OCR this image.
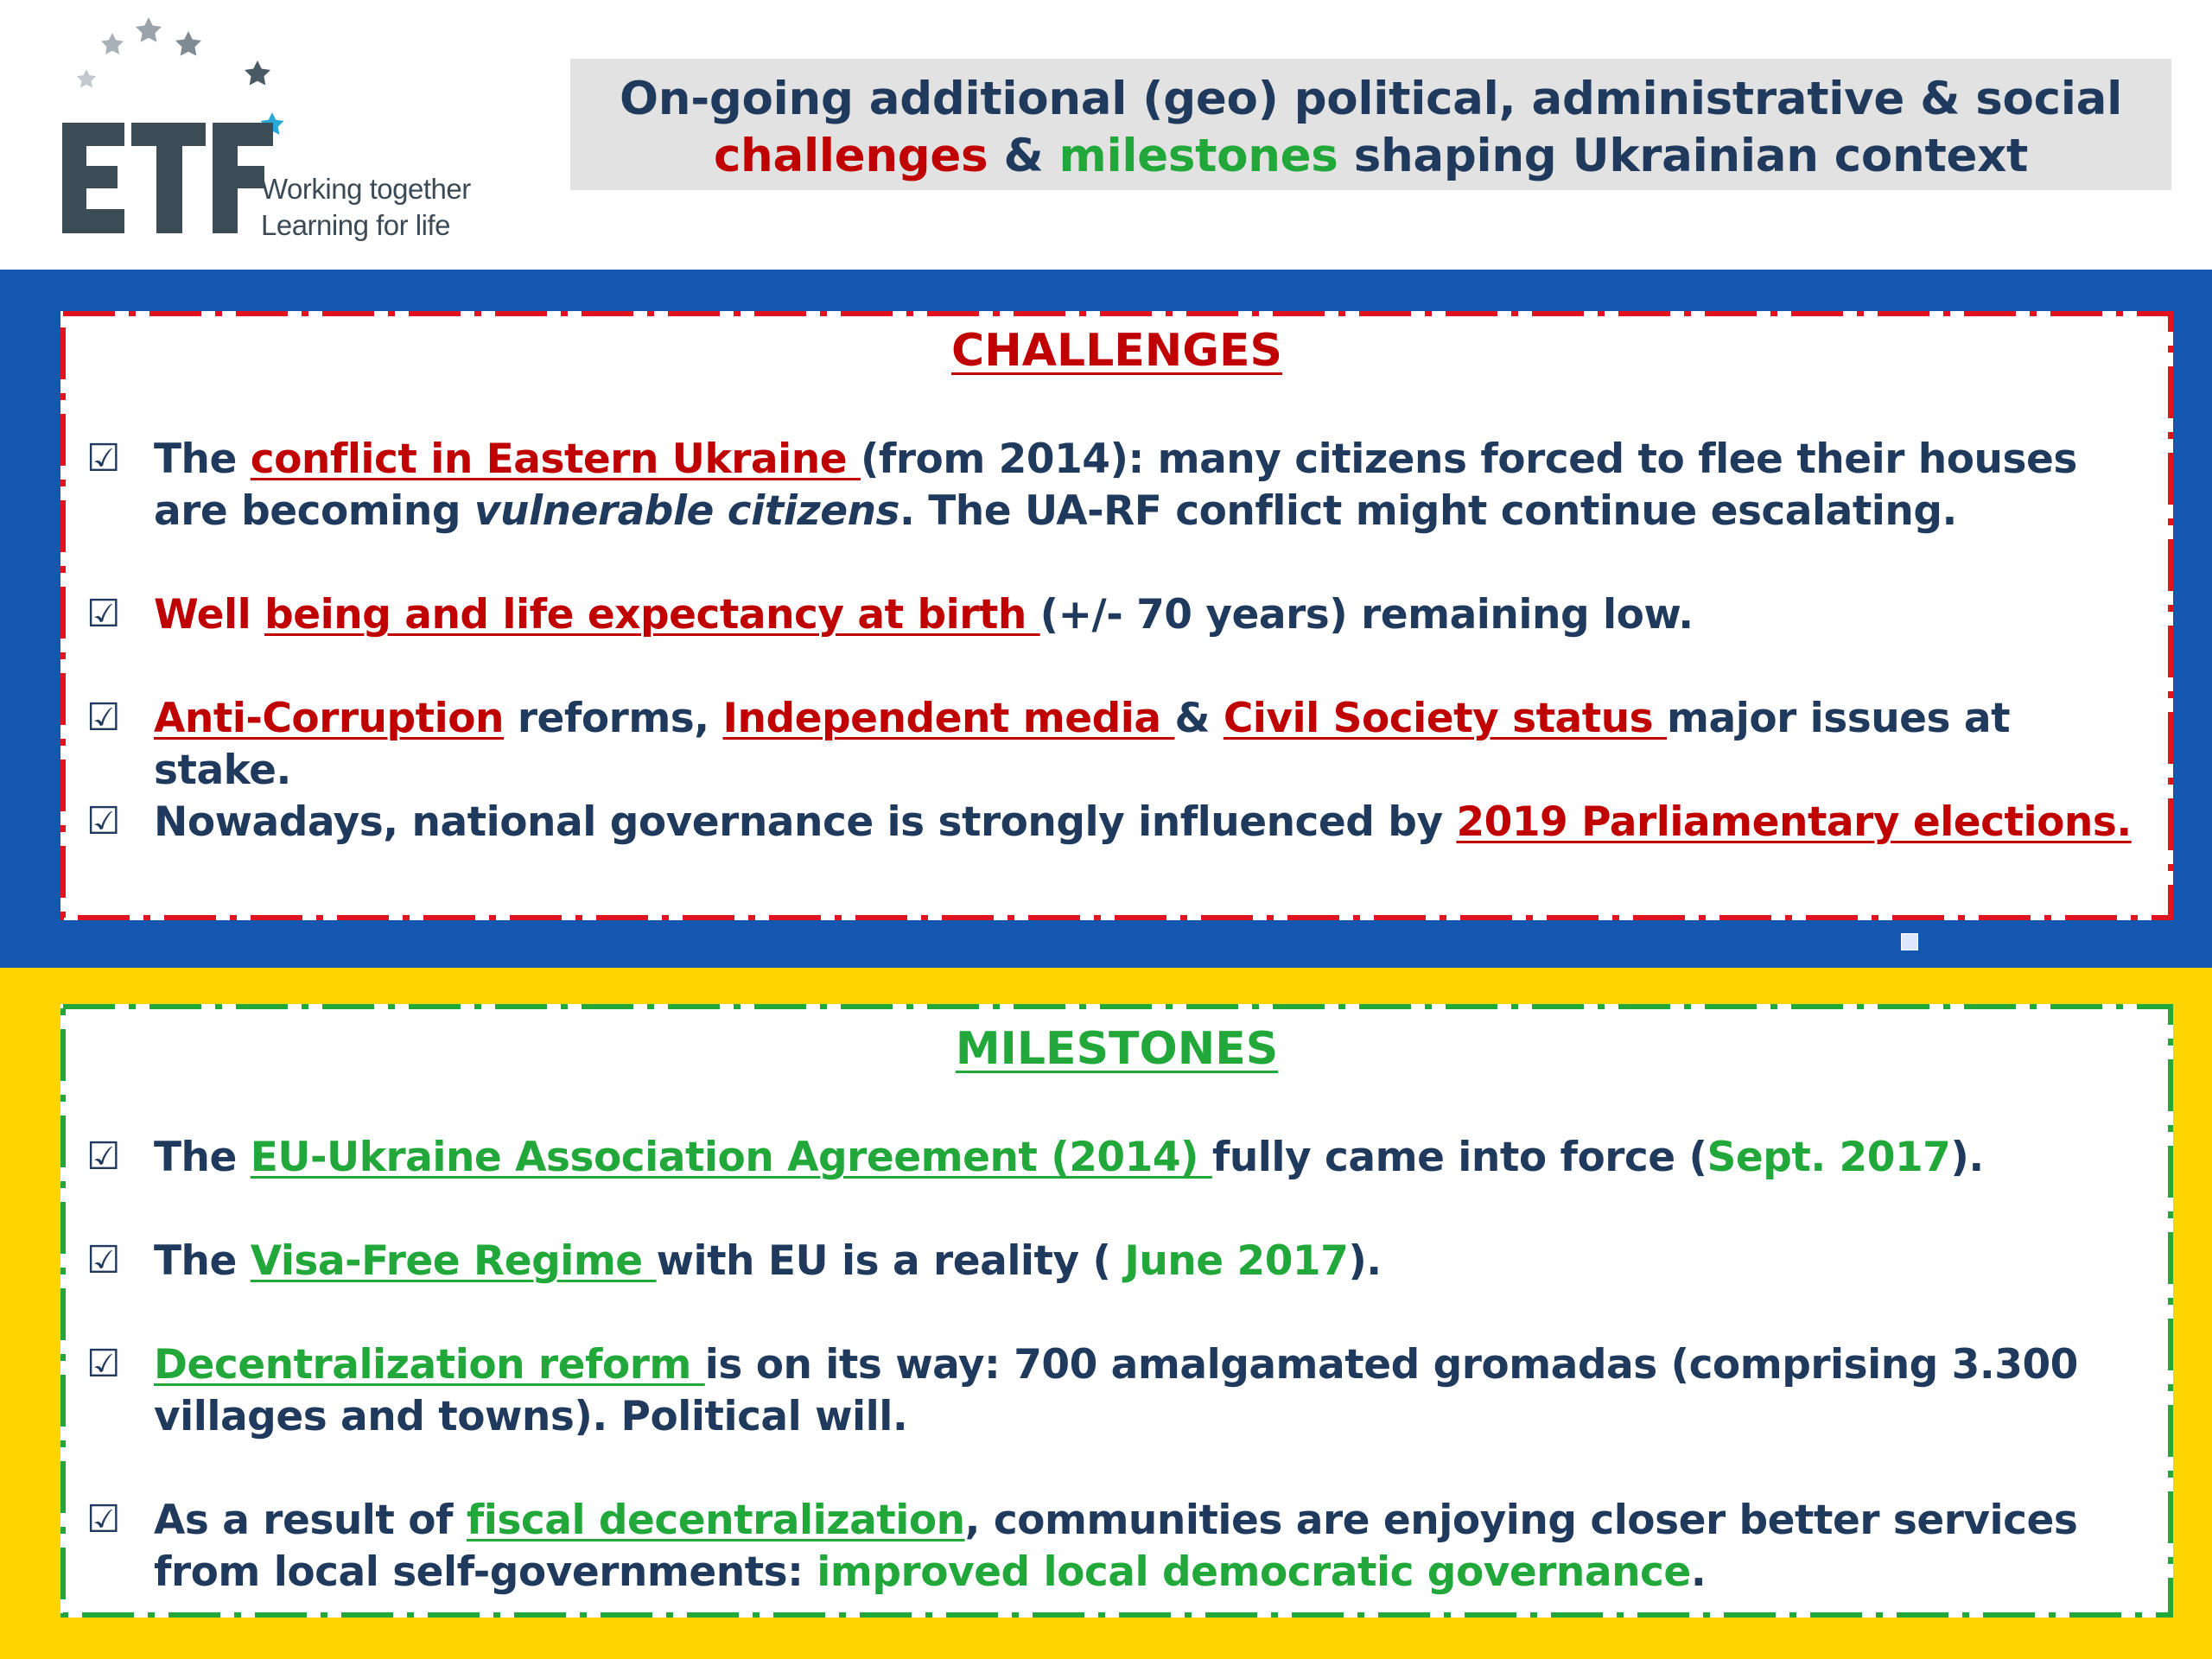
Working together
Learning for life
On-going additional (geo) political, administrative & social
challenges & milestones shaping Ukrainian context
CHALLENGES
☑ The conflict in Eastern Ukraine (from 2014): many citizens forced to flee their houses are becoming vulnerable citizens. The UA-RF conflict might continue escalating.
☑ Well being and life expectancy at birth (+/- 70 years) remaining low.
☑ Anti-Corruption reforms, Independent media & Civil Society status major issues at stake.
☑ Nowadays, national governance is strongly influenced by 2019 Parliamentary elections.
MILESTONES
☑ The EU-Ukraine Association Agreement (2014) fully came into force (Sept. 2017).
☑ The Visa-Free Regime with EU is a reality ( June 2017).
☑ Decentralization reform is on its way: 700 amalgamated gromadas (comprising 3.300 villages and towns). Political will.
☑ As a result of fiscal decentralization, communities are enjoying closer better services from local self-governments: improved local democratic governance.
